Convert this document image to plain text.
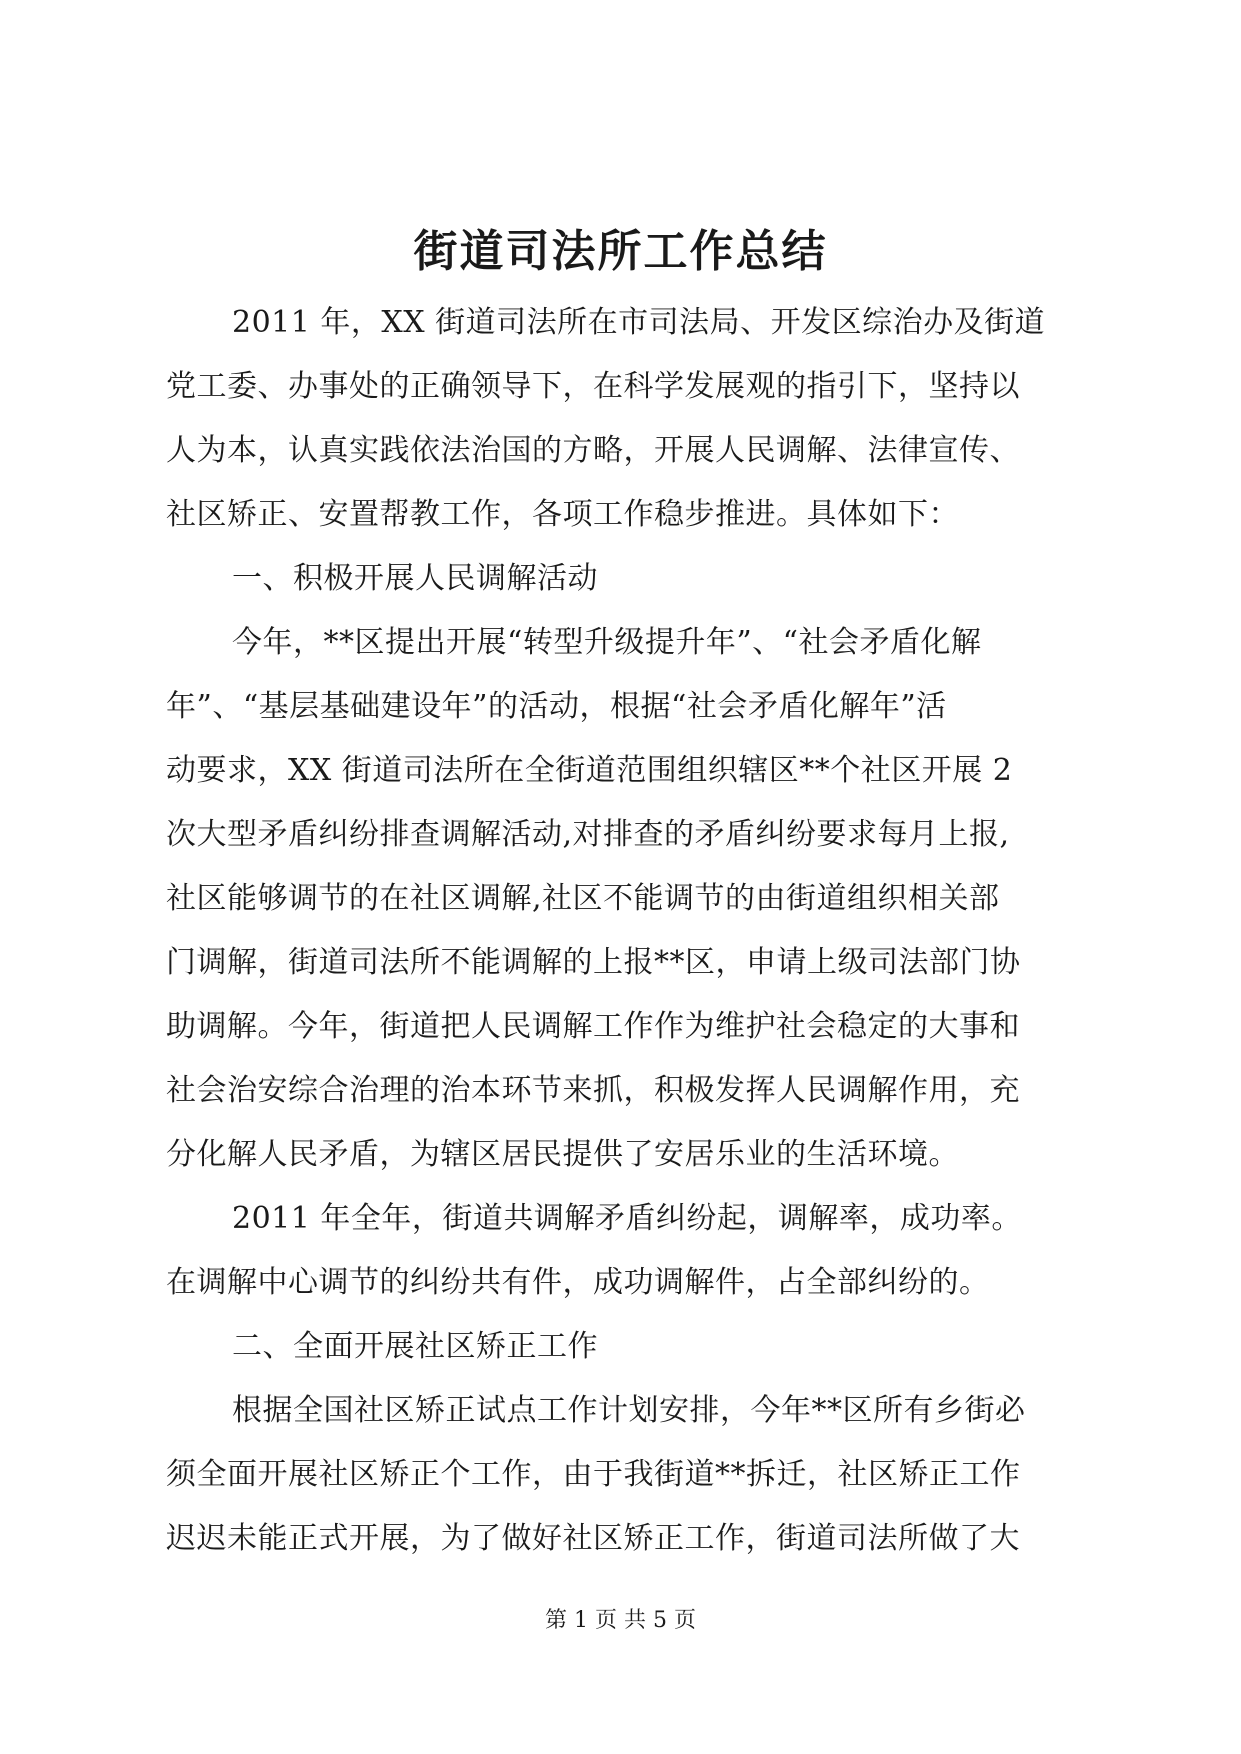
街道司法所工作总结
2011 年，XX 街道司法所在市司法局、开发区综治办及街道
党工委、办事处的正确领导下，在科学发展观的指引下，坚持以
人为本，认真实践依法治国的方略，开展人民调解、法律宣传、
社区矫正、安置帮教工作，各项工作稳步推进。具体如下：
一、积极开展人民调解活动
今年，**区提出开展“转型升级提升年”、“社会矛盾化解
年”、“基层基础建设年”的活动，根据“社会矛盾化解年”活
动要求，XX 街道司法所在全街道范围组织辖区**个社区开展 2
次大型矛盾纠纷排查调解活动,对排查的矛盾纠纷要求每月上报,
社区能够调节的在社区调解,社区不能调节的由街道组织相关部
门调解，街道司法所不能调解的上报**区，申请上级司法部门协
助调解。今年，街道把人民调解工作作为维护社会稳定的大事和
社会治安综合治理的治本环节来抓，积极发挥人民调解作用，充
分化解人民矛盾，为辖区居民提供了安居乐业的生活环境。
2011 年全年，街道共调解矛盾纠纷起，调解率，成功率。
在调解中心调节的纠纷共有件，成功调解件，占全部纠纷的。
二、全面开展社区矫正工作
根据全国社区矫正试点工作计划安排，今年**区所有乡街必
须全面开展社区矫正个工作，由于我街道**拆迁，社区矫正工作
迟迟未能正式开展，为了做好社区矫正工作，街道司法所做了大
第 1 页 共 5 页
